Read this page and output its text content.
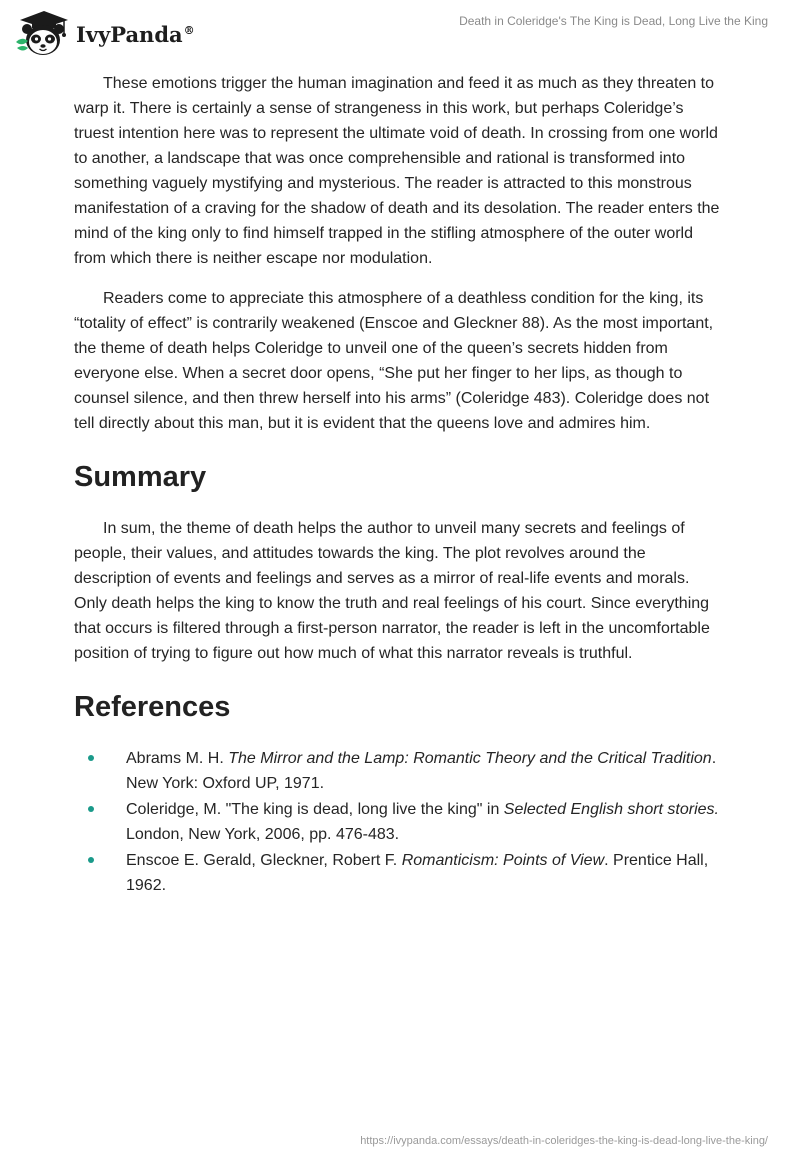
IvyPanda®
Death in Coleridge's The King is Dead, Long Live the King

These emotions trigger the human imagination and feed it as much as they threaten to warp it. There is certainly a sense of strangeness in this work, but perhaps Coleridge’s truest intention here was to represent the ultimate void of death. In crossing from one world to another, a landscape that was once comprehensible and rational is transformed into something vaguely mystifying and mysterious. The reader is attracted to this monstrous manifestation of a craving for the shadow of death and its desolation. The reader enters the mind of the king only to find himself trapped in the stifling atmosphere of the outer world from which there is neither escape nor modulation.

Readers come to appreciate this atmosphere of a deathless condition for the king, its “totality of effect” is contrarily weakened (Enscoe and Gleckner 88). As the most important, the theme of death helps Coleridge to unveil one of the queen’s secrets hidden from everyone else. When a secret door opens, “She put her finger to her lips, as though to counsel silence, and then threw herself into his arms” (Coleridge 483). Coleridge does not tell directly about this man, but it is evident that the queens love and admires him.

Summary

In sum, the theme of death helps the author to unveil many secrets and feelings of people, their values, and attitudes towards the king. The plot revolves around the description of events and feelings and serves as a mirror of real-life events and morals. Only death helps the king to know the truth and real feelings of his court. Since everything that occurs is filtered through a first-person narrator, the reader is left in the uncomfortable position of trying to figure out how much of what this narrator reveals is truthful.

References
Abrams M. H. The Mirror and the Lamp: Romantic Theory and the Critical Tradition. New York: Oxford UP, 1971.
Coleridge, M. "The king is dead, long live the king" in Selected English short stories. London, New York, 2006, pp. 476-483.
Enscoe E. Gerald, Gleckner, Robert F. Romanticism: Points of View. Prentice Hall, 1962.
https://ivypanda.com/essays/death-in-coleridges-the-king-is-dead-long-live-the-king/
